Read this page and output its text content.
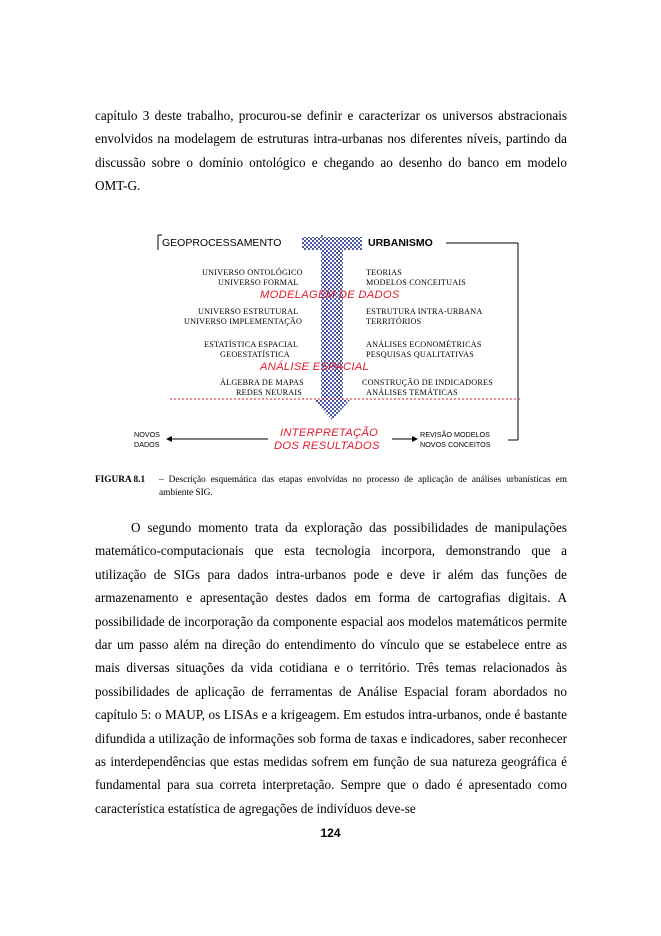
capítulo 3 deste trabalho, procurou-se definir e caracterizar os universos abstracionais envolvidos na modelagem de estruturas intra-urbanas nos diferentes níveis, partindo da discussão sobre o domínio ontológico e chegando ao desenho do banco em modelo OMT-G.

GEOPROCESSAMENTO	URBANISMO
UNIVERSO ONTOLÓGICO
UNIVERSO FORMAL
TEORIAS
MODELOS CONCEITUAIS
MODELAGEM DE DADOS
UNIVERSO ESTRUTURAL
UNIVERSO IMPLEMENTAÇÃO
ESTRUTURA INTRA-URBANA
TERRITÓRIOS
ESTATÍSTICA ESPACIAL
GEOESTATÍSTICA
ANÁLISES ECONOMÉTRICAS
PESQUISAS QUALITATIVAS
ANÁLISE ESPACIAL
ÁLGEBRA DE MAPAS
REDES NEURAIS
CONSTRUÇÃO DE INDICADORES
ANÁLISES TEMÁTICAS
INTERPRETAÇÃO
DOS RESULTADOS
NOVOS
DADOS
REVISÃO MODELOS
NOVOS CONCEITOS
FIGURA 8.1 – Descrição esquemática das etapas envolvidas no processo de aplicação de análises urbanísticas em ambiente SIG.

O segundo momento trata da exploração das possibilidades de manipulações matemático-computacionais que esta tecnologia incorpora, demonstrando que a utilização de SIGs para dados intra-urbanos pode e deve ir além das funções de armazenamento e apresentação destes dados em forma de cartografias digitais. A possibilidade de incorporação da componente espacial aos modelos matemáticos permite dar um passo além na direção do entendimento do vínculo que se estabelece entre as mais diversas situações da vida cotidiana e o território. Três temas relacionados às possibilidades de aplicação de ferramentas de Análise Espacial foram abordados no capítulo 5: o MAUP, os LISAs e a krigeagem. Em estudos intra-urbanos, onde é bastante difundida a utilização de informações sob forma de taxas e indicadores, saber reconhecer as interdependências que estas medidas sofrem em função de sua natureza geográfica é fundamental para sua correta interpretação. Sempre que o dado é apresentado como característica estatística de agregações de indivíduos deve-se

124
